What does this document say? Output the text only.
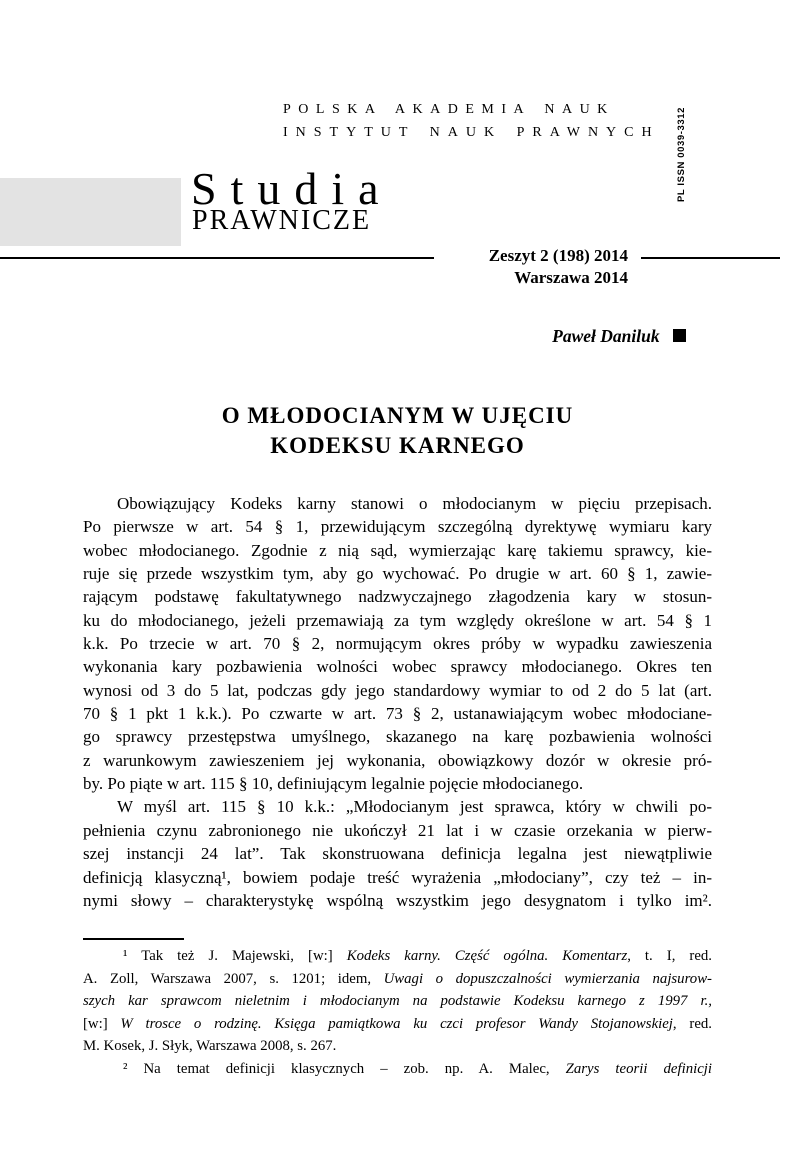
POLSKA AKADEMIA NAUK
INSTYTUT NAUK PRAWNYCH PL ISSN 0039-3312
Studia
PRAWNICZE
Zeszyt 2 (198) 2014
Warszawa 2014
Paweł Daniluk
O MŁODOCIANYM W UJĘCIU
KODEKSU KARNEGO
Obowiązujący Kodeks karny stanowi o młodocianym w pięciu przepisach.
Po pierwsze w art. 54 § 1, przewidującym szczególną dyrektywę wymiaru kary
wobec młodocianego. Zgodnie z nią sąd, wymierzając karę takiemu sprawcy, kie-
ruje się przede wszystkim tym, aby go wychować. Po drugie w art. 60 § 1, zawie-
rającym podstawę fakultatywnego nadzwyczajnego złagodzenia kary w stosun-
ku do młodocianego, jeżeli przemawiają za tym względy określone w art. 54 § 1
k.k. Po trzecie w art. 70 § 2, normującym okres próby w wypadku zawieszenia
wykonania kary pozbawienia wolności wobec sprawcy młodocianego. Okres ten
wynosi od 3 do 5 lat, podczas gdy jego standardowy wymiar to od 2 do 5 lat (art.
70 § 1 pkt 1 k.k.). Po czwarte w art. 73 § 2, ustanawiającym wobec młodociane-
go sprawcy przestępstwa umyślnego, skazanego na karę pozbawienia wolności
z warunkowym zawieszeniem jej wykonania, obowiązkowy dozór w okresie pró-
by. Po piąte w art. 115 § 10, definiującym legalnie pojęcie młodocianego.
W myśl art. 115 § 10 k.k.: „Młodocianym jest sprawca, który w chwili po-
pełnienia czynu zabronionego nie ukończył 21 lat i w czasie orzekania w pierw-
szej instancji 24 lat”. Tak skonstruowana definicja legalna jest niewątpliwie
definicją klasyczną¹, bowiem podaje treść wyrażenia „młodociany”, czy też – in-
nymi słowy – charakterystykę wspólną wszystkim jego desygnatom i tylko im².
¹ Tak też J. Majewski, [w:] Kodeks karny. Część ogólna. Komentarz, t. I, red.
A. Zoll, Warszawa 2007, s. 1201; idem, Uwagi o dopuszczalności wymierzania najsurow-
szych kar sprawcom nieletnim i młodocianym na podstawie Kodeksu karnego z 1997 r.,
[w:] W trosce o rodzinę. Księga pamiątkowa ku czci profesor Wandy Stojanowskiej, red.
M. Kosek, J. Słyk, Warszawa 2008, s. 267.
² Na temat definicji klasycznych – zob. np. A. Malec, Zarys teorii definicji
